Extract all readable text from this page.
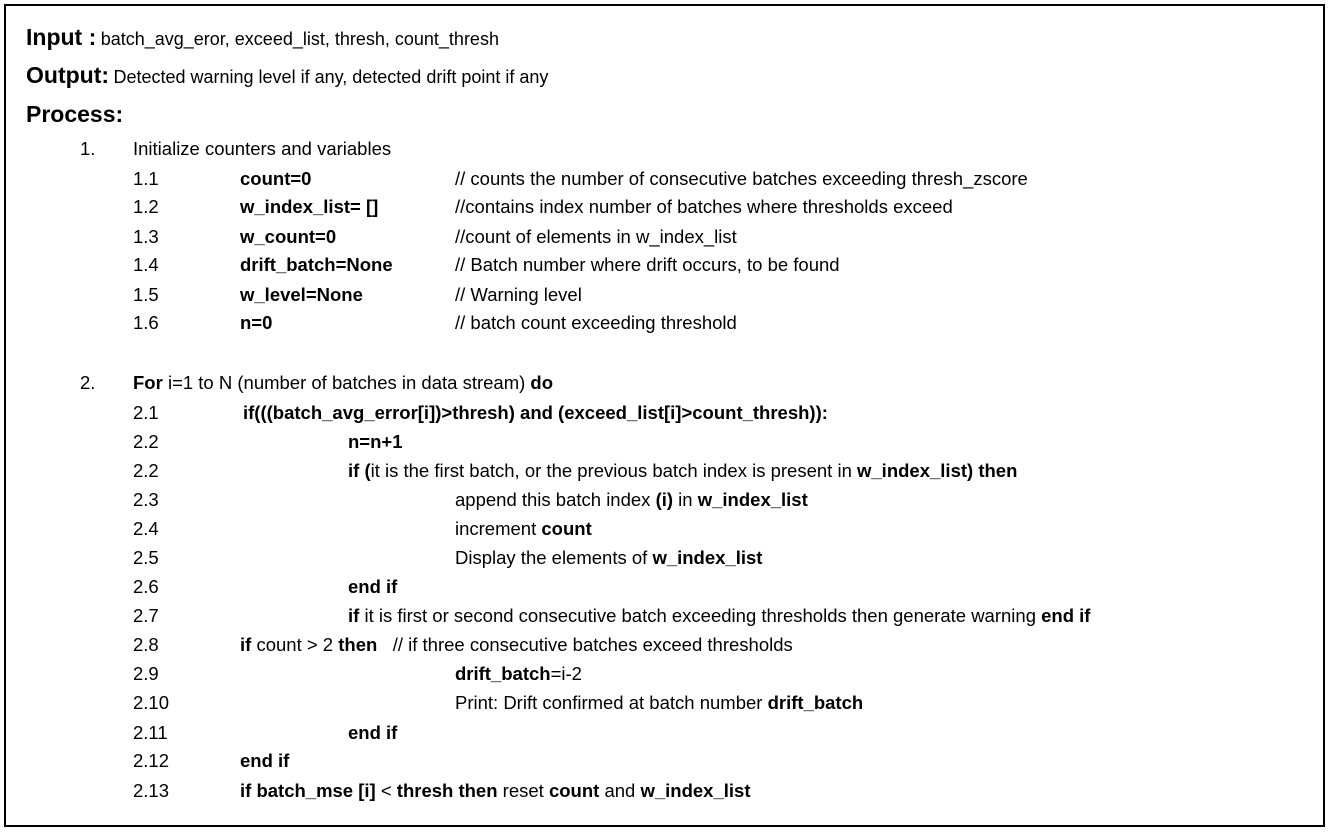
Input : batch_avg_eror, exceed_list, thresh, count_thresh
Output: Detected warning level if any, detected drift point if any
Process:
1. Initialize counters and variables
1.1	count=0	// counts the number of consecutive batches exceeding thresh_zscore
1.2	w_index_list= []	//contains index number of batches where thresholds exceed
1.3	w_count=0	//count of elements in w_index_list
1.4	drift_batch=None	// Batch number where drift occurs, to be found
1.5	w_level=None	// Warning level
1.6	n=0	// batch count exceeding threshold
2. For i=1 to N (number of batches in data stream) do
2.1	if(((batch_avg_error[i])>thresh) and (exceed_list[i]>count_thresh)):
2.2	n=n+1
2.2	if (it is the first batch, or the previous batch index is present in w_index_list) then
2.3	append this batch index (i) in w_index_list
2.4	increment count
2.5	Display the elements of w_index_list
2.6	end if
2.7	if it is first or second consecutive batch exceeding thresholds then generate warning end if
2.8	if count > 2 then   // if three consecutive batches exceed thresholds
2.9	drift_batch=i-2
2.10	Print: Drift confirmed at batch number drift_batch
2.11	end if
2.12	end if
2.13	if batch_mse [i] < thresh then reset count and w_index_list
